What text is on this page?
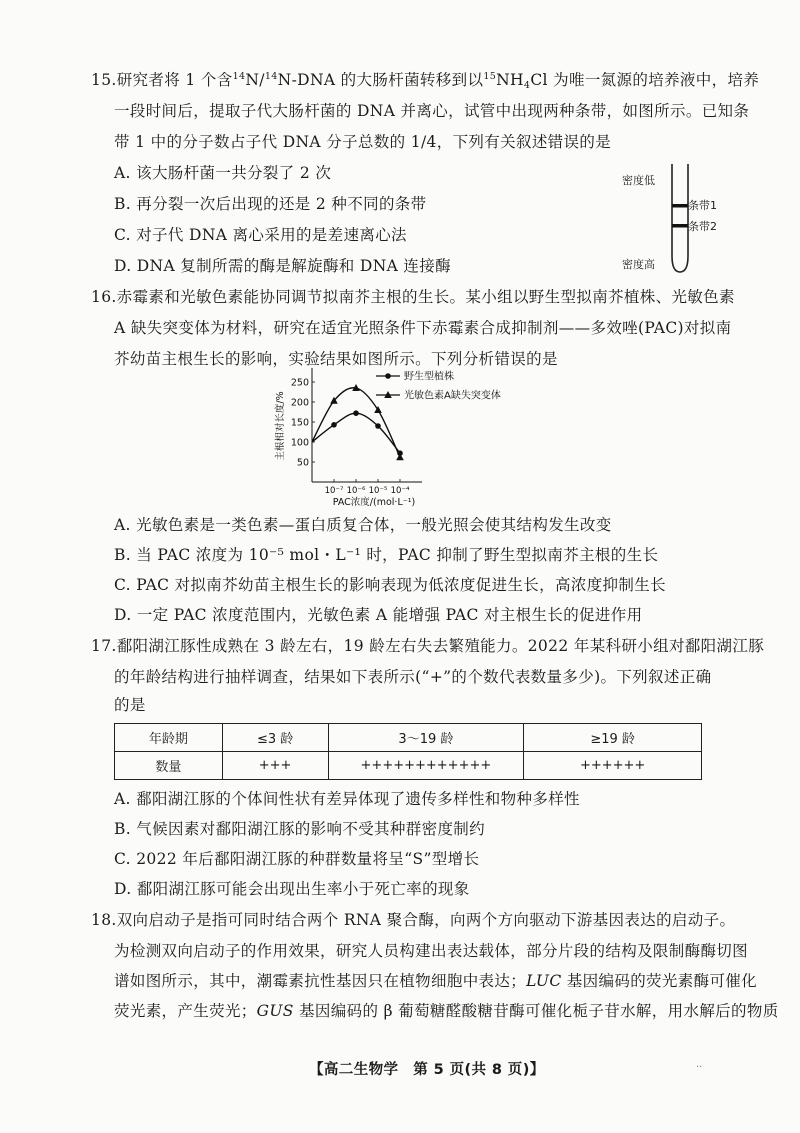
15.研究者将 1 个含$^{14}$N/$^{14}$N-DNA 的大肠杆菌转移到以$^{15}NH_4Cl$ 为唯一氮源的培养液中，培养
一段时间后，提取子代大肠杆菌的 DNA 并离心，试管中出现两种条带，如图所示。已知条
带 1 中的分子数占子代 DNA 分子总数的 1/4，下列有关叙述错误的是
A. 该大肠杆菌一共分裂了 2 次
B. 再分裂一次后出现的还是 2 种不同的条带
C. 对子代 DNA 离心采用的是差速离心法
D. DNA 复制所需的酶是解旋酶和 DNA 连接酶
密度低
条带1
条带2
密度高
16.赤霉素和光敏色素能协同调节拟南芥主根的生长。某小组以野生型拟南芥植株、光敏色素
A 缺失突变体为材料，研究在适宜光照条件下赤霉素合成抑制剂——多效唑(PAC)对拟南
芥幼苗主根生长的影响，实验结果如图所示。下列分析错误的是
50
100
150
200
250
10⁻⁷ 10⁻⁶ 10⁻⁵ 10⁻⁴
PAC浓度/(mol·L⁻¹)
主根相对长度/%
野生型植株
光敏色素A缺失突变体
A. 光敏色素是一类色素—蛋白质复合体，一般光照会使其结构发生改变
B. 当 PAC 浓度为 10⁻⁵ mol・L⁻¹ 时，PAC 抑制了野生型拟南芥主根的生长
C. PAC 对拟南芥幼苗主根生长的影响表现为低浓度促进生长，高浓度抑制生长
D. 一定 PAC 浓度范围内，光敏色素 A 能增强 PAC 对主根生长的促进作用
17.鄱阳湖江豚性成熟在 3 龄左右，19 龄左右失去繁殖能力。2022 年某科研小组对鄱阳湖江豚
的年龄结构进行抽样调查，结果如下表所示(“+”的个数代表数量多少)。下列叙述正确
的是
年龄期	≤3 龄	3～19 龄	≥19 龄
数量	+++	++++++++++++	++++++
A. 鄱阳湖江豚的个体间性状有差异体现了遗传多样性和物种多样性
B. 气候因素对鄱阳湖江豚的影响不受其种群密度制约
C. 2022 年后鄱阳湖江豚的种群数量将呈“S”型增长
D. 鄱阳湖江豚可能会出现出生率小于死亡率的现象
18.双向启动子是指可同时结合两个 RNA 聚合酶，向两个方向驱动下游基因表达的启动子。
为检测双向启动子的作用效果，研究人员构建出表达载体，部分片段的结构及限制酶酶切图
谱如图所示，其中，潮霉素抗性基因只在植物细胞中表达；LUC 基因编码的荧光素酶可催化
荧光素，产生荧光；GUS 基因编码的 β 葡萄糖醛酸糖苷酶可催化栀子苷水解，用水解后的物质
【高二生物学　第 5 页(共 8 页)】	··
